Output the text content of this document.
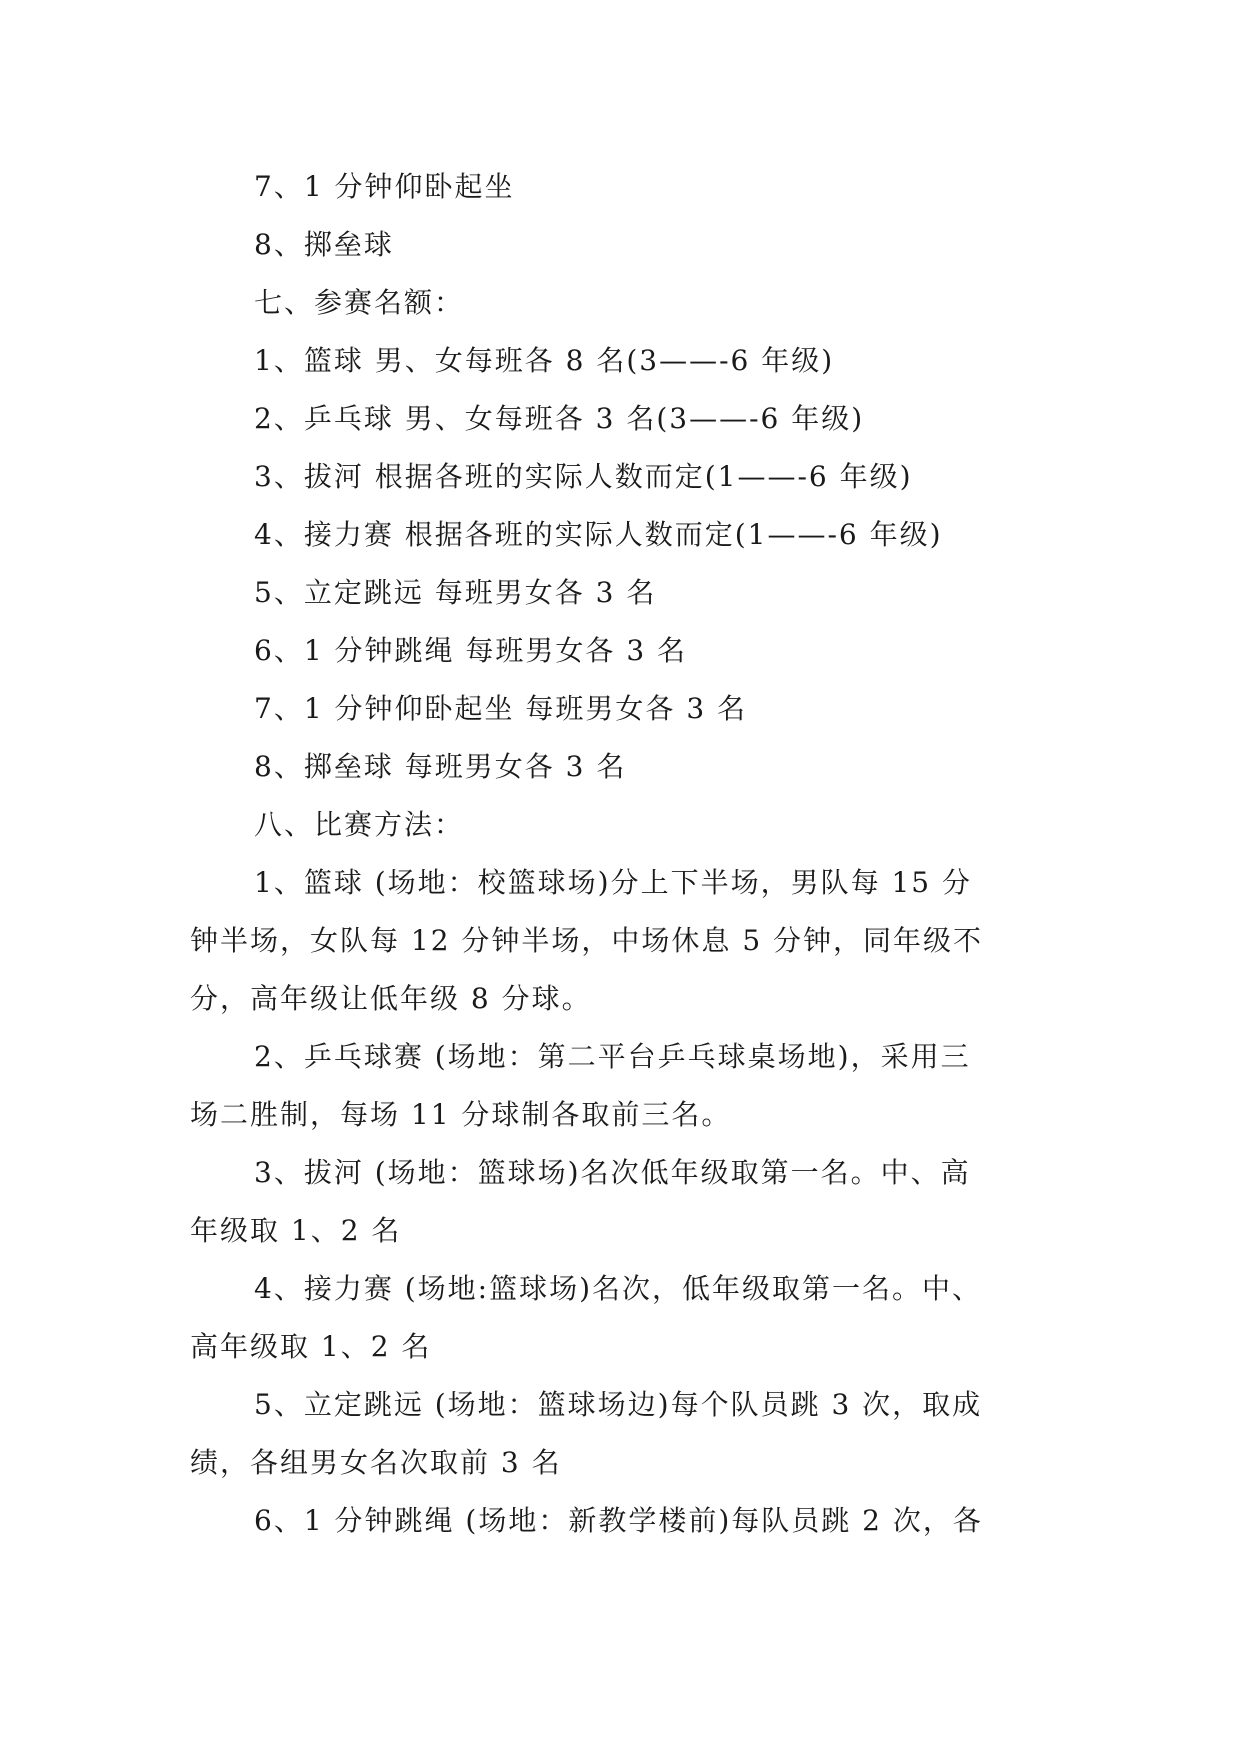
7、1 分钟仰卧起坐
8、掷垒球
七、参赛名额：
1、篮球 男、女每班各 8 名(3——-6 年级)
2、乒乓球 男、女每班各 3 名(3——-6 年级)
3、拔河 根据各班的实际人数而定(1——-6 年级)
4、接力赛 根据各班的实际人数而定(1——-6 年级)
5、立定跳远 每班男女各 3 名
6、1 分钟跳绳 每班男女各 3 名
7、1 分钟仰卧起坐 每班男女各 3 名
8、掷垒球 每班男女各 3 名
八、比赛方法：
1、篮球 (场地：校篮球场)分上下半场，男队每 15 分
钟半场，女队每 12 分钟半场，中场休息 5 分钟，同年级不
分，高年级让低年级 8 分球。
2、乒乓球赛 (场地：第二平台乒乓球桌场地)，采用三
场二胜制，每场 11 分球制各取前三名。
3、拔河 (场地：篮球场)名次低年级取第一名。中、高
年级取 1、2 名
4、接力赛 (场地:篮球场)名次，低年级取第一名。中、
高年级取 1、2 名
5、立定跳远 (场地：篮球场边)每个队员跳 3 次，取成
绩，各组男女名次取前 3 名
6、1 分钟跳绳 (场地：新教学楼前)每队员跳 2 次，各
